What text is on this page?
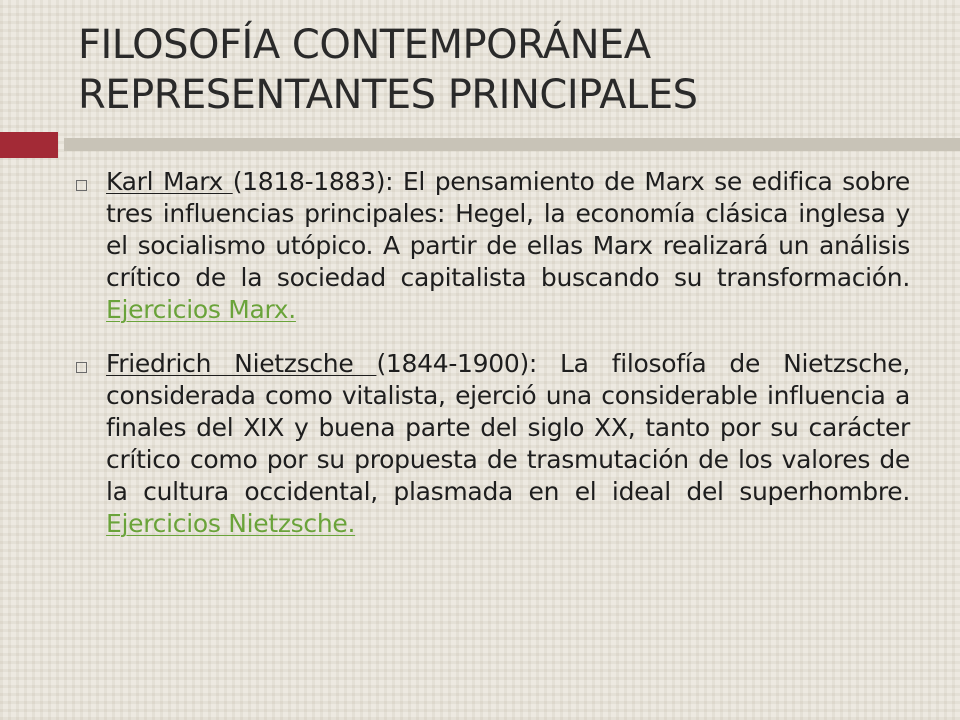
FILOSOFÍA CONTEMPORÁNEA
REPRESENTANTES PRINCIPALES

Karl Marx (1818-1883): El pensamiento de Marx se edifica sobre tres influencias principales: Hegel, la economía clásica inglesa y el socialismo utópico. A partir de ellas Marx realizará un análisis crítico de la sociedad capitalista buscando su transformación. Ejercicios Marx.

Friedrich Nietzsche (1844-1900): La filosofía de Nietzsche, considerada como vitalista, ejerció una considerable influencia a finales del XIX y buena parte del siglo XX, tanto por su carácter crítico como por su propuesta de trasmutación de los valores de la cultura occidental, plasmada en el ideal del superhombre. Ejercicios Nietzsche.
